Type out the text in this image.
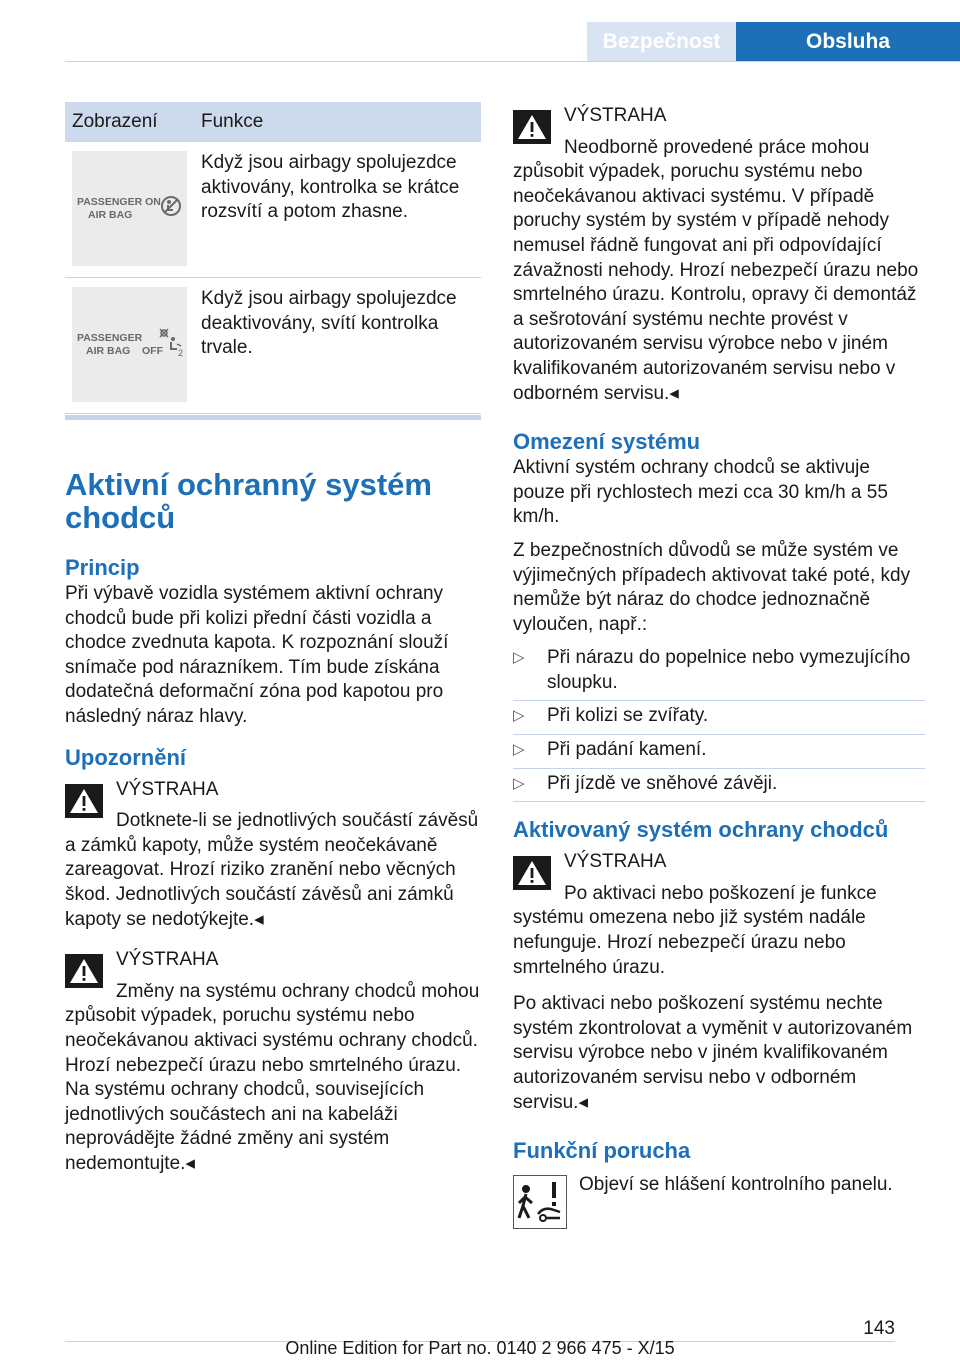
Bezpečnost	Obsluha
Zobrazení	Funkce
PASSENGER ON
AIR BAG
Když jsou airbagy spolujezdce aktivovány, kontrolka se krátce rozsvítí a potom zhasne.
PASSENGER
AIR BAG    OFF 2
Když jsou airbagy spolujezdce deaktivovány, svítí kontrolka trvale.
Aktivní ochranný systém chodců
Princip

Při výbavě vozidla systémem aktivní ochrany chodců bude při kolizi přední části vozidla a chodce zvednuta kapota. K rozpoznání slouží snímače pod nárazníkem. Tím bude získána dodatečná deformační zóna pod kapotou pro následný náraz hlavy.

Upozornění
VÝSTRAHA
Dotknete-li se jednotlivých součástí závěsů a zámků kapoty, může systém neočekávaně zareagovat. Hrozí riziko zranění nebo věcných škod. Jednotlivých součástí závěsů ani zámků kapoty se nedotýkejte.◂
VÝSTRAHA
Změny na systému ochrany chodců mohou způsobit výpadek, poruchu systému nebo neočekávanou aktivaci systému ochrany chodců. Hrozí nebezpečí úrazu nebo smrtelného úrazu. Na systému ochrany chodců, souvisejících jednotlivých součástech ani na kabeláži neprovádějte žádné změny ani systém nedemontujte.◂
VÝSTRAHA
Neodborně provedené práce mohou způsobit výpadek, poruchu systému nebo neočekávanou aktivaci systému. V případě poruchy systém by systém v případě nehody nemusel řádně fungovat ani při odpovídající závažnosti nehody. Hrozí nebezpečí úrazu nebo smrtelného úrazu. Kontrolu, opravy či demontáž a sešrotování systému nechte provést v autorizovaném servisu výrobce nebo v jiném kvalifikovaném autorizovaném servisu nebo v odborném servisu.◂
Omezení systému

Aktivní systém ochrany chodců se aktivuje pouze při rychlostech mezi cca 30 km/h a 55 km/h.

Z bezpečnostních důvodů se může systém ve výjimečných případech aktivovat také poté, kdy nemůže být náraz do chodce jednoznačně vyloučen, např.:

▷ Při nárazu do popelnice nebo vymezujícího sloupku.
▷ Při kolizi se zvířaty.
▷ Při padání kamení.
▷ Při jízdě ve sněhové závěji.
Aktivovaný systém ochrany chodců
VÝSTRAHA
Po aktivaci nebo poškození je funkce systému omezena nebo již systém nadále nefunguje. Hrozí nebezpečí úrazu nebo smrtelného úrazu.

Po aktivaci nebo poškození systému nechte systém zkontrolovat a vyměnit v autorizovaném servisu výrobce nebo v jiném kvalifikovaném autorizovaném servisu nebo v odborném servisu.◂

Funkční porucha
Objeví se hlášení kontrolního panelu.
143
Online Edition for Part no. 0140 2 966 475 - X/15
